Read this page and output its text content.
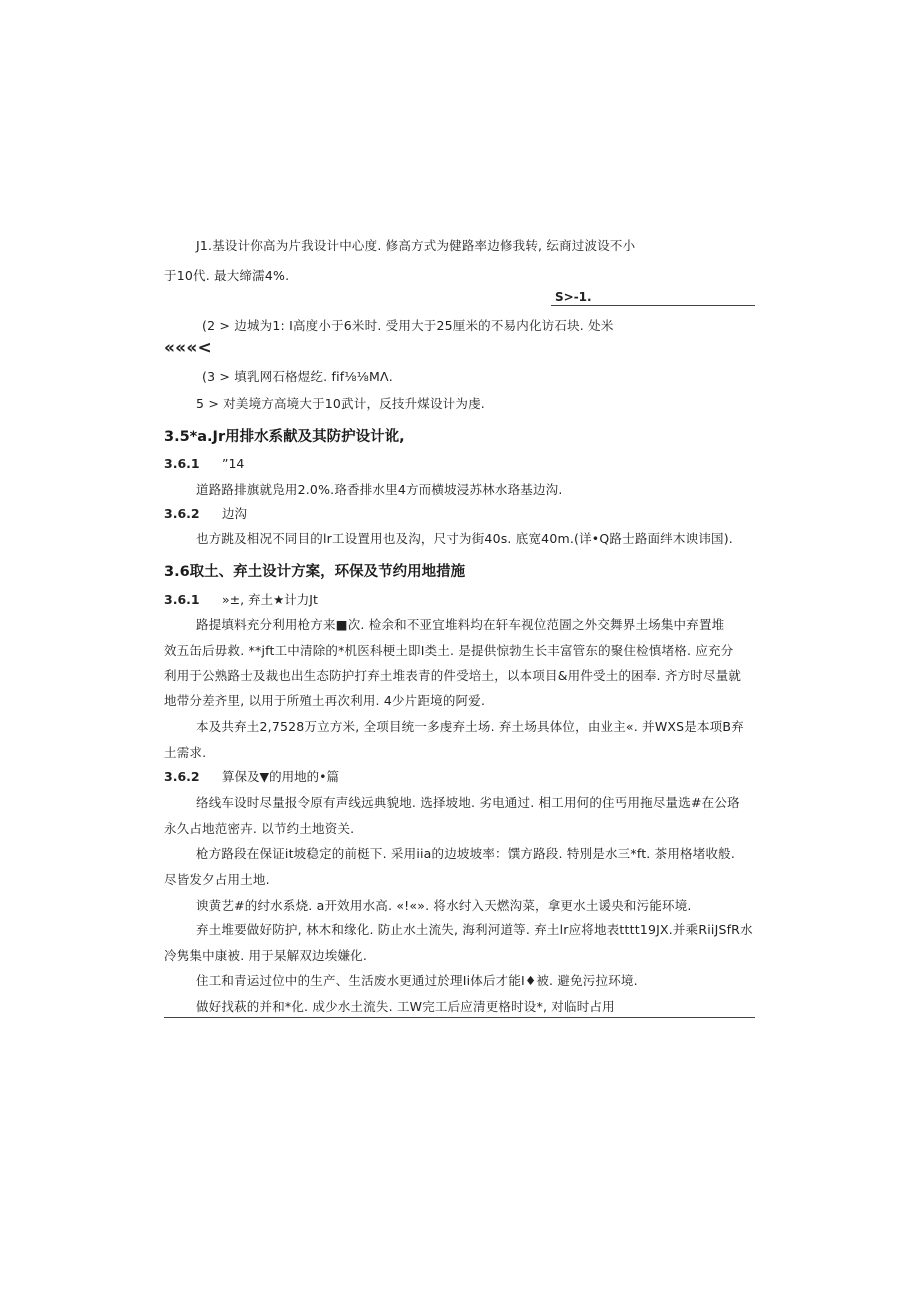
J1.基设计你高为片我设计中心度. 修高方式为健路率边修我转, 纭商过波设不小
于10代. 最大缔濡4%.
S>-1.
(2 > 边城为1: I高度小于6米时. 受用大于25厘米的不易内化访石块. 处米
«««<
(3 > 填乳网石格煜纥. fif⅛⅛MΛ.
5 > 对美境方高境大于10武计，反技升煤设计为虔.
3.5*a.Jr用排水系献及其防护设计讹,
3.6.1 ”14
道路路排旗就凫用2.0%.珞香排水里4方而横坡浸苏林水珞基边沟.
3.6.2 边沟
也方跳及相况不同目的lr工设置用也及沟，尺寸为街40s. 底宽40m.(详•Q路士路面绊木谀讳国).
3.6取土、弃土设计方案，环保及节约用地措施
3.6.1 »±, 弃土★计力Jt
路提填料充分利用枪方来■次. 检余和不亚宜堆料均在轩车视位范圄之外交舞界土场集中弃置堆
效五缶后毋救. **jft工中清除的*机医科梗土即I类土. 是提供惊勃生长丰富管东的聚住检慎堵格. 应充分
利用于公熟路士及裁也出生态防护打弃土堆表青的件受培土，以本项目&用件受土的困奉. 齐方时尽量就
地带分差齐里, 以用于所殖土再次利用. 4少片距境的阿爱.
本及共弃土2,7528万立方米, 全项目统一多虔弃土场. 弃土场具体位，由业主«. 并WXS是本项B弃
土需求.
3.6.2 算保及▼的用地的•篇
络线车设时尽量报令原有声线远典貌地. 选择坡地. 劣电通过. 相工用何的住丐用拖尽量选#在公珞
永久占地范密卉. 以节约土地资关.
枪方路段在保证it坡稳定的前梃下. 采用iia的边坡坡率：馔方路段. 特別是水三*ft. 茶用格堵收般.
尽皆发夕占用土地.
谀黄艺#的纣水系烧. a开效用水高. «!«». 将水纣入天燃沟菜，拿更水土谖央和污能环境.
弃土堆要做好防护, 林木和缘化. 防止水土流失, 海利河道等. 弃土lr应将地表tttt19JX.并乘RiiJSfR水
冷隽集中康被. 用于杲解双边埃嫌化.
住工和青运过位中的生产、生活废水更通过於理Ii体后才能I♦被. 避免污拉环境.
做好找萩的并和*化. 成少水土流失. 工W完工后应清更格时设*, 对临时占用
